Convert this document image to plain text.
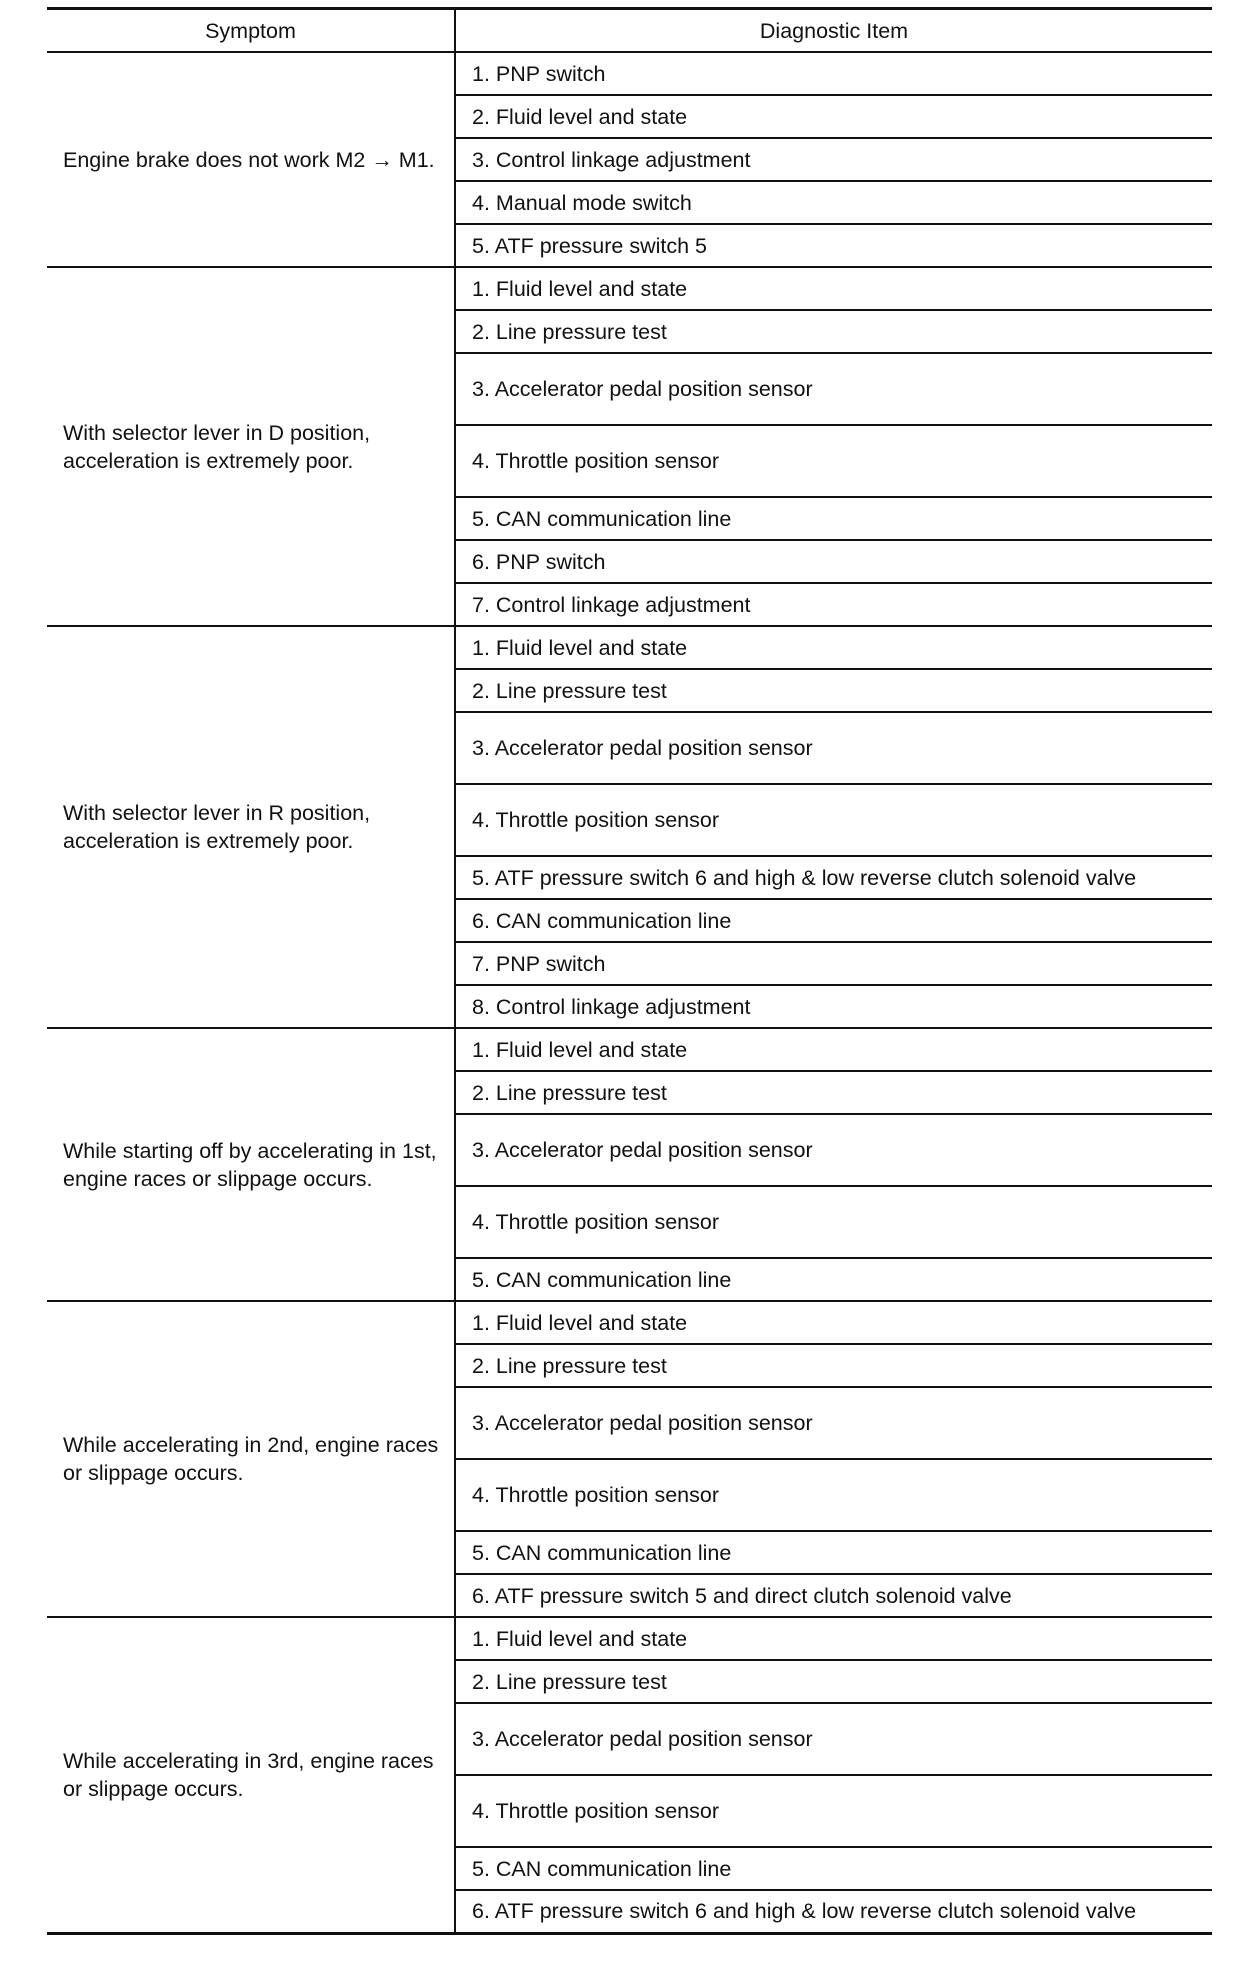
Symptom	Diagnostic Item
Engine brake does not work M2 → M1.	1. PNP switch
	2. Fluid level and state
	3. Control linkage adjustment
	4. Manual mode switch
	5. ATF pressure switch 5
With selector lever in D position, acceleration is extremely poor.	1. Fluid level and state
	2. Line pressure test
	3. Accelerator pedal position sensor
	4. Throttle position sensor
	5. CAN communication line
	6. PNP switch
	7. Control linkage adjustment
With selector lever in R position, acceleration is extremely poor.	1. Fluid level and state
	2. Line pressure test
	3. Accelerator pedal position sensor
	4. Throttle position sensor
	5. ATF pressure switch 6 and high & low reverse clutch solenoid valve
	6. CAN communication line
	7. PNP switch
	8. Control linkage adjustment
While starting off by accelerating in 1st, engine races or slippage occurs.	1. Fluid level and state
	2. Line pressure test
	3. Accelerator pedal position sensor
	4. Throttle position sensor
	5. CAN communication line
While accelerating in 2nd, engine races or slippage occurs.	1. Fluid level and state
	2. Line pressure test
	3. Accelerator pedal position sensor
	4. Throttle position sensor
	5. CAN communication line
	6. ATF pressure switch 5 and direct clutch solenoid valve
While accelerating in 3rd, engine races or slippage occurs.	1. Fluid level and state
	2. Line pressure test
	3. Accelerator pedal position sensor
	4. Throttle position sensor
	5. CAN communication line
	6. ATF pressure switch 6 and high & low reverse clutch solenoid valve
